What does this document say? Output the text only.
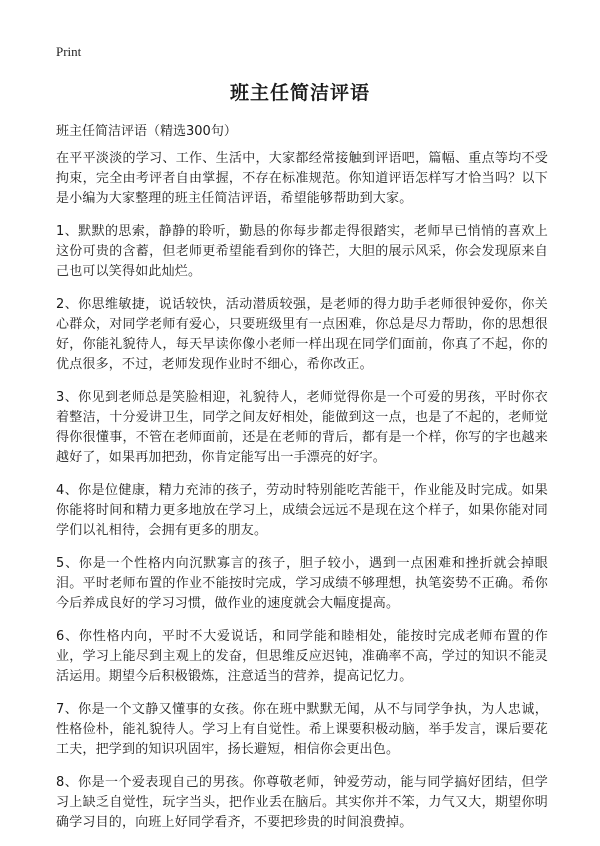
Print
班主任简洁评语

班主任简洁评语（精选300句）

在平平淡淡的学习、工作、生活中，大家都经常接触到评语吧，篇幅、重点等均不受拘束，完全由考评者自由掌握，不存在标准规范。你知道评语怎样写才恰当吗？以下是小编为大家整理的班主任简洁评语，希望能够帮助到大家。

1、默默的思索，静静的聆听，勤恳的你每步都走得很踏实，老师早已悄悄的喜欢上这份可贵的含蓄，但老师更希望能看到你的锋芒，大胆的展示风采，你会发现原来自己也可以笑得如此灿烂。

2、你思维敏捷，说话较快，活动潜质较强，是老师的得力助手老师很钟爱你，你关心群众，对同学老师有爱心，只要班级里有一点困难，你总是尽力帮助，你的思想很好，你能礼貌待人，每天早读你像小老师一样出现在同学们面前，你真了不起，你的优点很多，不过，老师发现作业时不细心，希你改正。

3、你见到老师总是笑脸相迎，礼貌待人，老师觉得你是一个可爱的男孩，平时你衣着整洁，十分爱讲卫生，同学之间友好相处，能做到这一点，也是了不起的，老师觉得你很懂事，不管在老师面前，还是在老师的背后，都有是一个样，你写的字也越来越好了，如果再加把劲，你肯定能写出一手漂亮的好字。

4、你是位健康，精力充沛的孩子，劳动时特别能吃苦能干，作业能及时完成。如果你能将时间和精力更多地放在学习上，成绩会远远不是现在这个样子，如果你能对同学们以礼相待，会拥有更多的朋友。

5、你是一个性格内向沉默寡言的孩子，胆子较小，遇到一点困难和挫折就会掉眼泪。平时老师布置的作业不能按时完成，学习成绩不够理想，执笔姿势不正确。希你今后养成良好的学习习惯，做作业的速度就会大幅度提高。

6、你性格内向，平时不大爱说话，和同学能和睦相处，能按时完成老师布置的作业，学习上能尽到主观上的发奋，但思维反应迟钝，准确率不高，学过的知识不能灵活运用。期望今后积极锻炼，注意适当的营养，提高记忆力。

7、你是一个文静又懂事的女孩。你在班中默默无闻，从不与同学争执，为人忠诚，性格俭朴，能礼貌待人。学习上有自觉性。希上课要积极动脑，举手发言，课后要花工夫，把学到的知识巩固牢，扬长避短，相信你会更出色。

8、你是一个爱表现自己的男孩。你尊敬老师，钟爱劳动，能与同学搞好团结，但学习上缺乏自觉性，玩字当头，把作业丢在脑后。其实你并不笨，力气又大，期望你明确学习目的，向班上好同学看齐，不要把珍贵的时间浪费掉。
